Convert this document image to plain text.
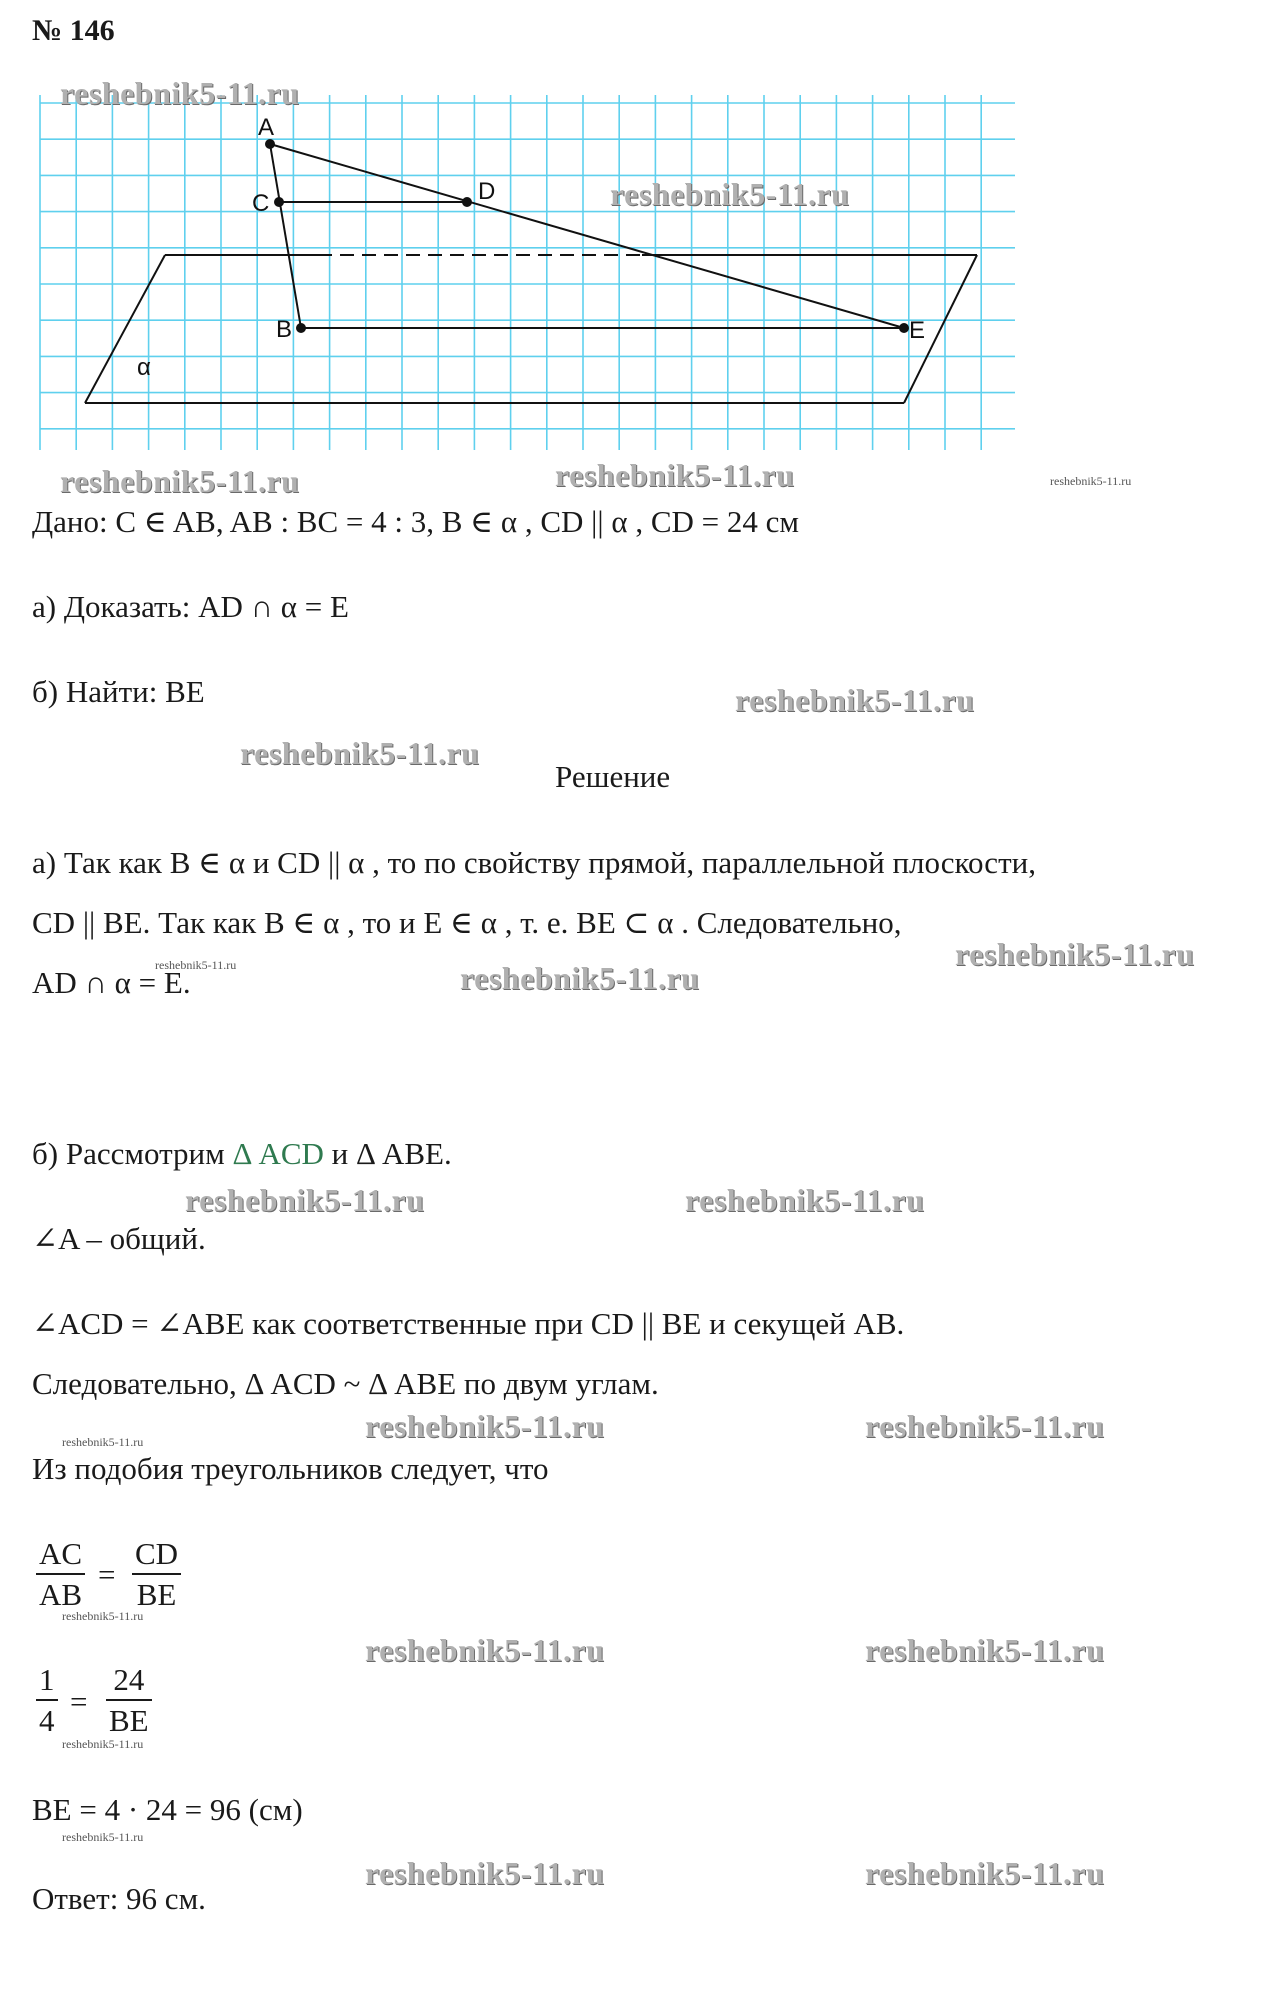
№ 146
A
C	D
B	E
α
reshebnik5-11.ru
reshebnik5-11.ru
reshebnik5-11.ru	reshebnik5-11.ru	reshebnik5-11.ru
reshebnik5-11.ru
reshebnik5-11.ru
reshebnik5-11.ru	reshebnik5-11.ru
reshebnik5-11.ru
reshebnik5-11.ru	reshebnik5-11.ru
reshebnik5-11.ru	reshebnik5-11.ru
reshebnik5-11.ru
reshebnik5-11.ru
reshebnik5-11.ru	reshebnik5-11.ru
reshebnik5-11.ru
reshebnik5-11.ru
reshebnik5-11.ru	reshebnik5-11.ru
Дано: C ∈ AB, AB : BC = 4 : 3, B ∈ α , CD || α , CD = 24 см
а) Доказать: AD ∩ α = E
б) Найти: BE
Решение
а) Так как B ∈ α и CD || α , то по свойству прямой, параллельной плоскости,
CD || BE. Так как B ∈ α , то и E ∈ α , т. е. BE ⊂ α . Следовательно,
AD ∩ α = E.
б) Рассмотрим Δ ACD и Δ ABE.
∠A – общий.
∠ACD = ∠ABE как соответственные при CD || BE и секущей AB.
Следовательно, Δ ACD ~ Δ ABE по двум углам.
Из подобия треугольников следует, что
$\frac{AC}{AB} = \frac{CD}{BE}$
$\frac{1}{4} = \frac{24}{BE}$
BE = 4 · 24 = 96 (см)
Ответ: 96 см.
